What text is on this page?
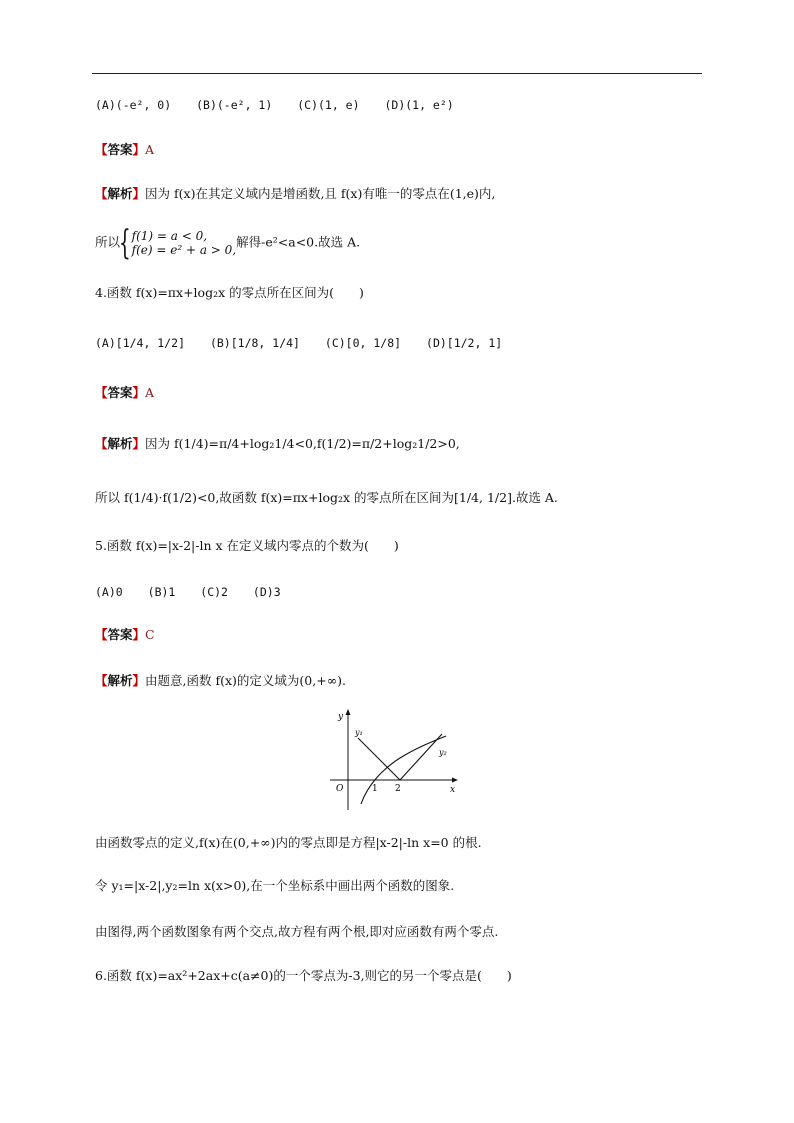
(A)(-e², 0) (B)(-e², 1) (C)(1, e) (D)(1, e²)
【答案】A
【解析】因为 f(x)在其定义域内是增函数,且 f(x)有唯一的零点在(1,e)内,
所以{ f(1) = a < 0,
f(e) = e² + a > 0,
解得-e²<a<0.故选 A.
4.函数 f(x)=πx+log₂x 的零点所在区间为(　　)
(A)[1/4, 1/2] (B)[1/8, 1/4] (C)[0, 1/8] (D)[1/2, 1]
【答案】A
【解析】因为 f(1/4)=π/4+log₂1/4<0,f(1/2)=π/2+log₂1/2>0,
所以 f(1/4)·f(1/2)<0,故函数 f(x)=πx+log₂x 的零点所在区间为[1/4, 1/2].故选 A.
5.函数 f(x)=|x-2|-ln x 在定义域内零点的个数为(　　)
(A)0 (B)1 (C)2 (D)3
【答案】C
【解析】由题意,函数 f(x)的定义域为(0,+∞).
y
x
O	1 2
y₁
y₂
由函数零点的定义,f(x)在(0,+∞)内的零点即是方程|x-2|-ln x=0 的根.
令 y₁=|x-2|,y₂=ln x(x>0),在一个坐标系中画出两个函数的图象.
由图得,两个函数图象有两个交点,故方程有两个根,即对应函数有两个零点.
6.函数 f(x)=ax²+2ax+c(a≠0)的一个零点为-3,则它的另一个零点是(　　)
